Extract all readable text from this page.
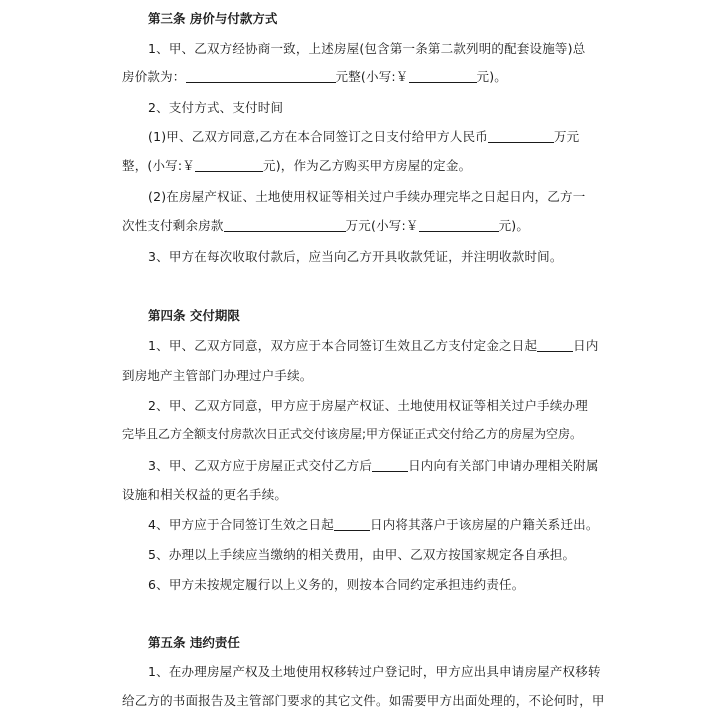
第三条 房价与付款方式
1、甲、乙双方经协商一致，上述房屋(包含第一条第二款列明的配套设施等)总
房价款为：	元整(小写:￥	元)。
2、支付方式、支付时间
(1)甲、乙双方同意,乙方在本合同签订之日支付给甲方人民币	万元
整，(小写:￥	元)，作为乙方购买甲方房屋的定金。
(2)在房屋产权证、土地使用权证等相关过户手续办理完毕之日起日内，乙方一
次性支付剩余房款	万元(小写:￥	元)。
3、甲方在每次收取付款后，应当向乙方开具收款凭证，并注明收款时间。
第四条 交付期限
1、甲、乙双方同意，双方应于本合同签订生效且乙方支付定金之日起	日内
到房地产主管部门办理过户手续。
2、甲、乙双方同意，甲方应于房屋产权证、土地使用权证等相关过户手续办理
完毕且乙方全额支付房款次日正式交付该房屋;甲方保证正式交付给乙方的房屋为空房。
3、甲、乙双方应于房屋正式交付乙方后	日内向有关部门申请办理相关附属
设施和相关权益的更名手续。
4、甲方应于合同签订生效之日起	日内将其落户于该房屋的户籍关系迁出。
5、办理以上手续应当缴纳的相关费用，由甲、乙双方按国家规定各自承担。
6、甲方未按规定履行以上义务的，则按本合同约定承担违约责任。
第五条 违约责任
1、在办理房屋产权及土地使用权移转过户登记时，甲方应出具申请房屋产权移转
给乙方的书面报告及主管部门要求的其它文件。如需要甲方出面处理的，不论何时，甲
